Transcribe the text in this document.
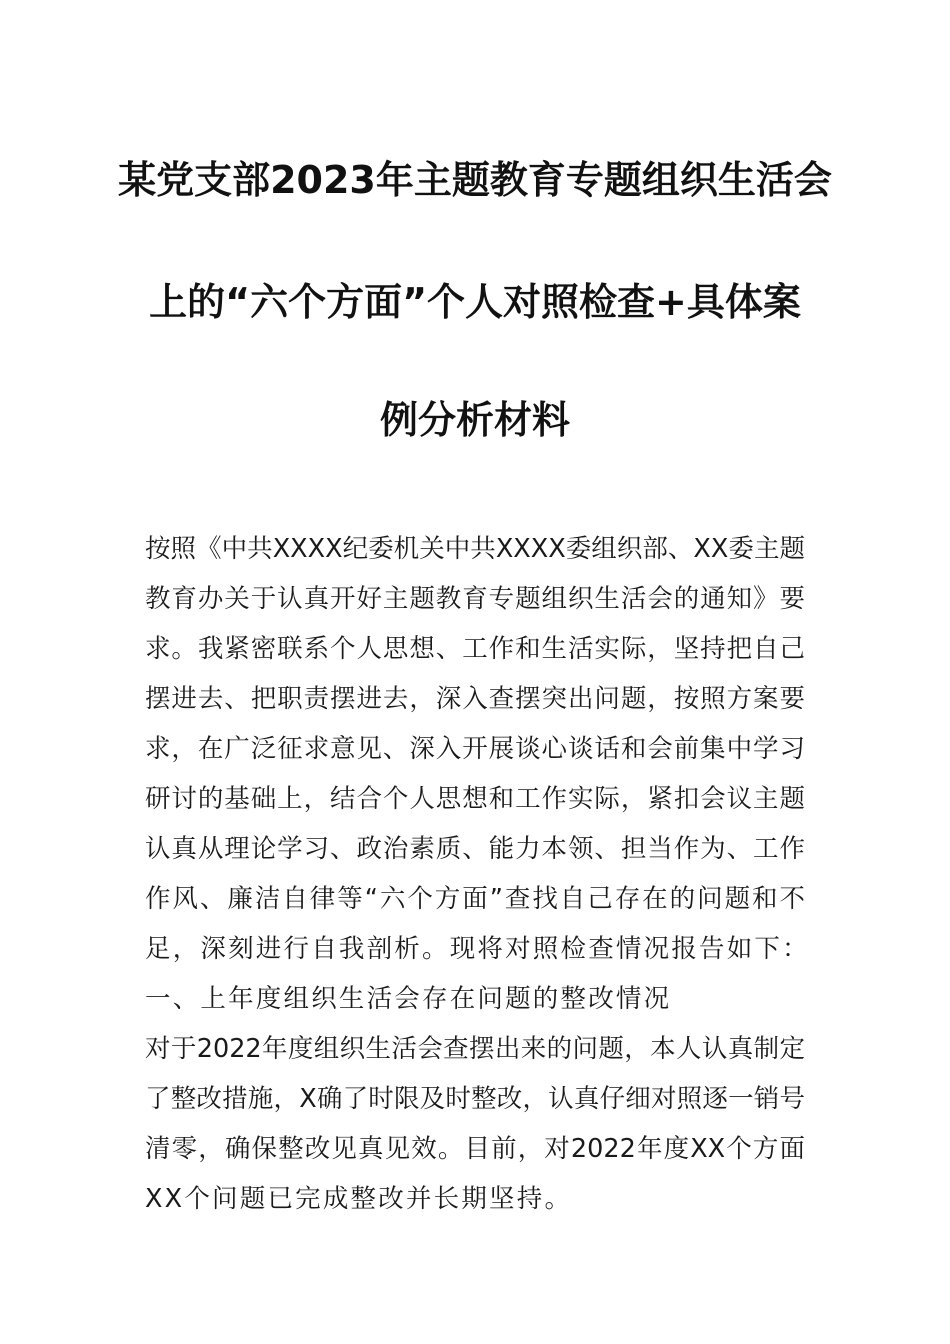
某党支部2023年主题教育专题组织生活会
上的“六个方面”个人对照检查+具体案
例分析材料
按照《中共XXXX纪委机关中共XXXX委组织部、XX委主题
教育办关于认真开好主题教育专题组织生活会的通知》要
求。我紧密联系个人思想、工作和生活实际，坚持把自己
摆进去、把职责摆进去，深入查摆突出问题，按照方案要
求，在广泛征求意见、深入开展谈心谈话和会前集中学习
研讨的基础上，结合个人思想和工作实际，紧扣会议主题
认真从理论学习、政治素质、能力本领、担当作为、工作
作风、廉洁自律等“六个方面”查找自己存在的问题和不
足，深刻进行自我剖析。现将对照检查情况报告如下：
一、上年度组织生活会存在问题的整改情况
对于2022年度组织生活会查摆出来的问题，本人认真制定
了整改措施，X确了时限及时整改，认真仔细对照逐一销号
清零，确保整改见真见效。目前，对2022年度XX个方面
XX个问题已完成整改并长期坚持。
